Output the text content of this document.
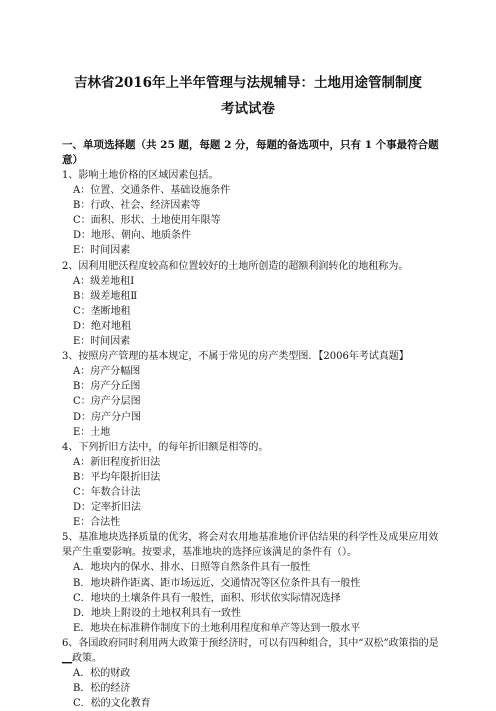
吉林省2016年上半年管理与法规辅导：土地用途管制制度
考试试卷

一、单项选择题（共 25 题，每题 2 分，每题的备选项中，只有 1 个事最符合题意）

1、影响土地价格的区域因素包括。

A：位置、交通条件、基础设施条件

B：行政、社会、经济因素等

C：面积、形状、土地使用年限等

D：地形、朝向、地质条件

E：时间因素

2、因利用肥沃程度较高和位置较好的土地所创造的超额利润转化的地租称为。

A：级差地租Ⅰ

B：级差地租Ⅱ

C：垄断地租

D：绝对地租

E：时间因素

3、按照房产管理的基本规定，不属于常见的房产类型图．【2006年考试真题】

A：房产分幅图

B：房产分丘图

C：房产分层图

D：房产分户图

E：土地

4、下列折旧方法中，的每年折旧额是相等的。

A：新旧程度折旧法

B：平均年限折旧法

C：年数合计法

D：定率折旧法

E：合法性

5、基准地块选择质量的优劣，将会对农用地基准地价评估结果的科学性及成果应用效果产生重要影响。按要求，基准地块的选择应该满足的条件有（）。

A．地块内的保水、排水、日照等自然条件具有一般性

B．地块耕作距离、距市场远近、交通情况等区位条件具有一般性

C．地块的土壤条件具有一般性，面积、形状依实际情况选择

D．地块上附设的土地权利具有一致性

E．地块在标准耕作制度下的土地利用程度和单产等达到一般水平

6、各国政府同时利用两大政策于预经济时，可以有四种组合，其中“双松”政策指的是__政策。

A．松的财政

B．松的经济

C．松的文化教育
